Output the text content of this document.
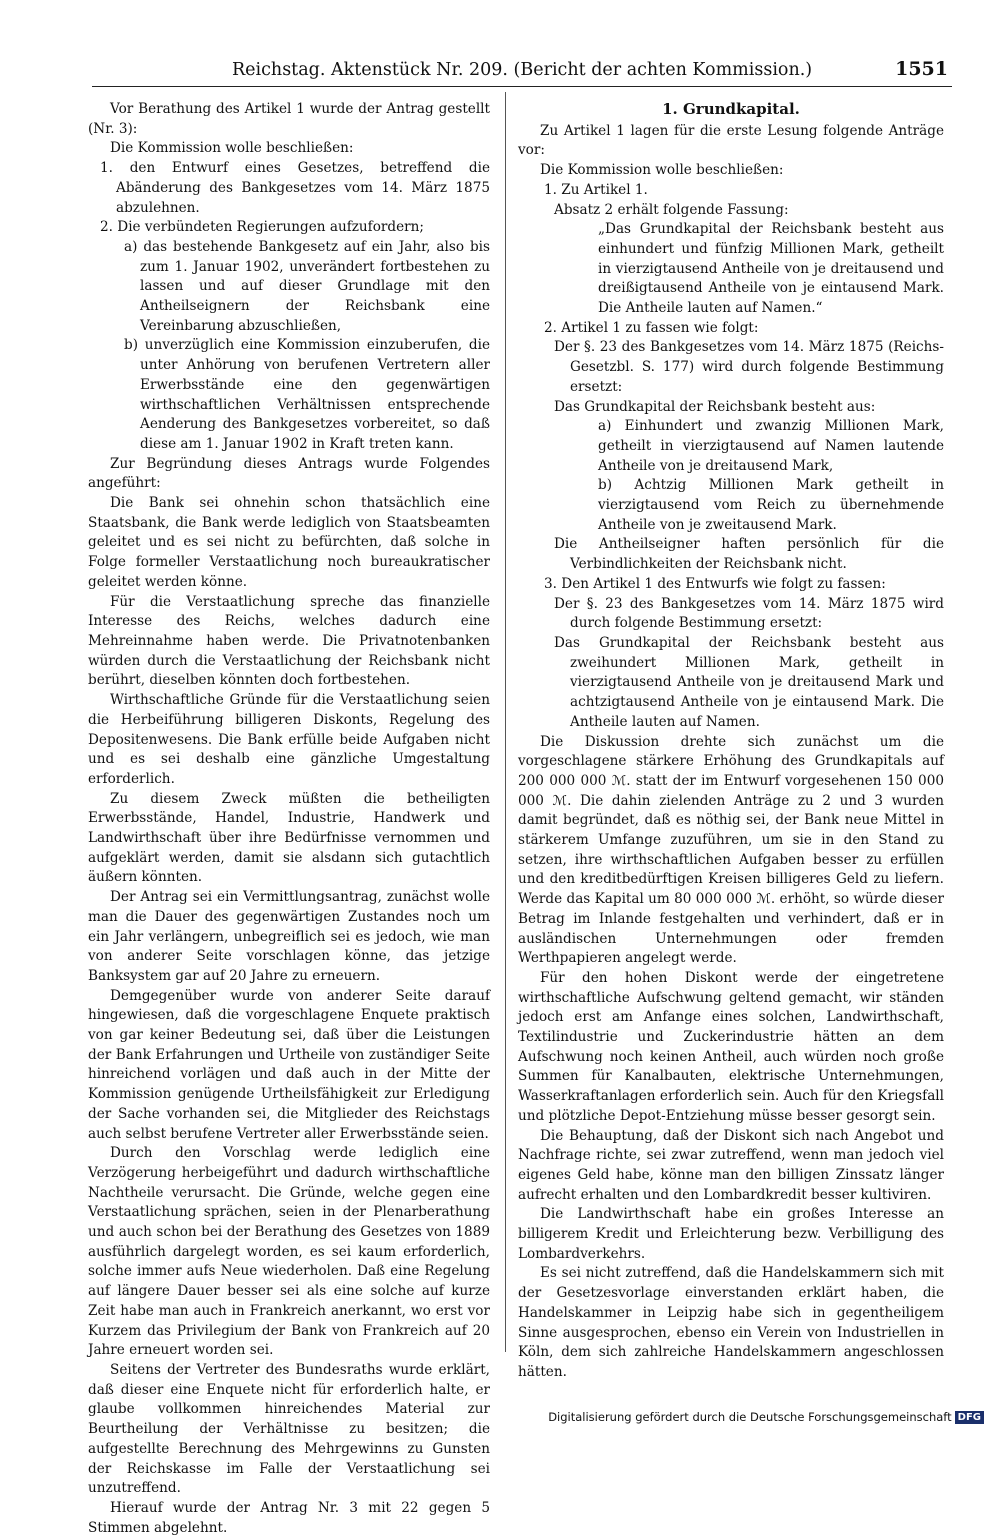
Reichstag. Aktenstück Nr. 209. (Bericht der achten Kommission.)	1551

Vor Berathung des Artikel 1 wurde der Antrag gestellt (Nr. 3):

Die Kommission wolle beschließen:

1. den Entwurf eines Gesetzes, betreffend die Abänderung des Bankgesetzes vom 14. März 1875 abzulehnen.

2. Die verbündeten Regierungen aufzufordern;

a) das bestehende Bankgesetz auf ein Jahr, also bis zum 1. Januar 1902, unverändert fortbestehen zu lassen und auf dieser Grundlage mit den Antheilseignern der Reichsbank eine Vereinbarung abzuschließen,

b) unverzüglich eine Kommission einzuberufen, die unter Anhörung von berufenen Vertretern aller Erwerbsstände eine den gegenwärtigen wirthschaftlichen Verhältnissen entsprechende Aenderung des Bankgesetzes vorbereitet, so daß diese am 1. Januar 1902 in Kraft treten kann.

Zur Begründung dieses Antrags wurde Folgendes angeführt:

Die Bank sei ohnehin schon thatsächlich eine Staatsbank, die Bank werde lediglich von Staatsbeamten geleitet und es sei nicht zu befürchten, daß solche in Folge formeller Verstaatlichung noch bureaukratischer geleitet werden könne.

Für die Verstaatlichung spreche das finanzielle Interesse des Reichs, welches dadurch eine Mehreinnahme haben werde. Die Privatnotenbanken würden durch die Verstaatlichung der Reichsbank nicht berührt, dieselben könnten doch fortbestehen.

Wirthschaftliche Gründe für die Verstaatlichung seien die Herbeiführung billigeren Diskonts, Regelung des Depositenwesens. Die Bank erfülle beide Aufgaben nicht und es sei deshalb eine gänzliche Umgestaltung erforderlich.

Zu diesem Zweck müßten die betheiligten Erwerbsstände, Handel, Industrie, Handwerk und Landwirthschaft über ihre Bedürfnisse vernommen und aufgeklärt werden, damit sie alsdann sich gutachtlich äußern könnten.

Der Antrag sei ein Vermittlungsantrag, zunächst wolle man die Dauer des gegenwärtigen Zustandes noch um ein Jahr verlängern, unbegreiflich sei es jedoch, wie man von anderer Seite vorschlagen könne, das jetzige Banksystem gar auf 20 Jahre zu erneuern.

Demgegenüber wurde von anderer Seite darauf hingewiesen, daß die vorgeschlagene Enquete praktisch von gar keiner Bedeutung sei, daß über die Leistungen der Bank Erfahrungen und Urtheile von zuständiger Seite hinreichend vorlägen und daß auch in der Mitte der Kommission genügende Urtheilsfähigkeit zur Erledigung der Sache vorhanden sei, die Mitglieder des Reichstags auch selbst berufene Vertreter aller Erwerbsstände seien.

Durch den Vorschlag werde lediglich eine Verzögerung herbeigeführt und dadurch wirthschaftliche Nachtheile verursacht. Die Gründe, welche gegen eine Verstaatlichung sprächen, seien in der Plenarberathung und auch schon bei der Berathung des Gesetzes von 1889 ausführlich dargelegt worden, es sei kaum erforderlich, solche immer aufs Neue wiederholen. Daß eine Regelung auf längere Dauer besser sei als eine solche auf kurze Zeit habe man auch in Frankreich anerkannt, wo erst vor Kurzem das Privilegium der Bank von Frankreich auf 20 Jahre erneuert worden sei.

Seitens der Vertreter des Bundesraths wurde erklärt, daß dieser eine Enquete nicht für erforderlich halte, er glaube vollkommen hinreichendes Material zur Beurtheilung der Verhältnisse zu besitzen; die aufgestellte Berechnung des Mehrgewinns zu Gunsten der Reichskasse im Falle der Verstaatlichung sei unzutreffend.

Hierauf wurde der Antrag Nr. 3 mit 22 gegen 5 Stimmen abgelehnt.

1. Grundkapital.

Zu Artikel 1 lagen für die erste Lesung folgende Anträge vor:

Die Kommission wolle beschließen:

1. Zu Artikel 1.

Absatz 2 erhält folgende Fassung:

„Das Grundkapital der Reichsbank besteht aus einhundert und fünfzig Millionen Mark, getheilt in vierzigtausend Antheile von je dreitausend und dreißigtausend Antheile von je eintausend Mark. Die Antheile lauten auf Namen.“

2. Artikel 1 zu fassen wie folgt:

Der §. 23 des Bankgesetzes vom 14. März 1875 (Reichs-Gesetzbl. S. 177) wird durch folgende Bestimmung ersetzt:

Das Grundkapital der Reichsbank besteht aus:

a) Einhundert und zwanzig Millionen Mark, getheilt in vierzigtausend auf Namen lautende Antheile von je dreitausend Mark,

b) Achtzig Millionen Mark getheilt in vierzigtausend vom Reich zu übernehmende Antheile von je zweitausend Mark.

Die Antheilseigner haften persönlich für die Verbindlichkeiten der Reichsbank nicht.

3. Den Artikel 1 des Entwurfs wie folgt zu fassen:

Der §. 23 des Bankgesetzes vom 14. März 1875 wird durch folgende Bestimmung ersetzt:

Das Grundkapital der Reichsbank besteht aus zweihundert Millionen Mark, getheilt in vierzigtausend Antheile von je dreitausend Mark und achtzigtausend Antheile von je eintausend Mark. Die Antheile lauten auf Namen.

Die Diskussion drehte sich zunächst um die vorgeschlagene stärkere Erhöhung des Grundkapitals auf 200 000 000 ℳ. statt der im Entwurf vorgesehenen 150 000 000 ℳ. Die dahin zielenden Anträge zu 2 und 3 wurden damit begründet, daß es nöthig sei, der Bank neue Mittel in stärkerem Umfange zuzuführen, um sie in den Stand zu setzen, ihre wirthschaftlichen Aufgaben besser zu erfüllen und den kreditbedürftigen Kreisen billigeres Geld zu liefern. Werde das Kapital um 80 000 000 ℳ. erhöht, so würde dieser Betrag im Inlande festgehalten und verhindert, daß er in ausländischen Unternehmungen oder fremden Werthpapieren angelegt werde.

Für den hohen Diskont werde der eingetretene wirthschaftliche Aufschwung geltend gemacht, wir ständen jedoch erst am Anfange eines solchen, Landwirthschaft, Textilindustrie und Zuckerindustrie hätten an dem Aufschwung noch keinen Antheil, auch würden noch große Summen für Kanalbauten, elektrische Unternehmungen, Wasserkraftanlagen erforderlich sein. Auch für den Kriegsfall und plötzliche Depot-Entziehung müsse besser gesorgt sein.

Die Behauptung, daß der Diskont sich nach Angebot und Nachfrage richte, sei zwar zutreffend, wenn man jedoch viel eigenes Geld habe, könne man den billigen Zinssatz länger aufrecht erhalten und den Lombardkredit besser kultiviren.

Die Landwirthschaft habe ein großes Interesse an billigerem Kredit und Erleichterung bezw. Verbilligung des Lombardverkehrs.

Es sei nicht zutreffend, daß die Handelskammern sich mit der Gesetzesvorlage einverstanden erklärt haben, die Handelskammer in Leipzig habe sich in gegentheiligem Sinne ausgesprochen, ebenso ein Verein von Industriellen in Köln, dem sich zahlreiche Handelskammern angeschlossen hätten.

Digitalisierung gefördert durch die Deutsche Forschungsgemeinschaft DFG
